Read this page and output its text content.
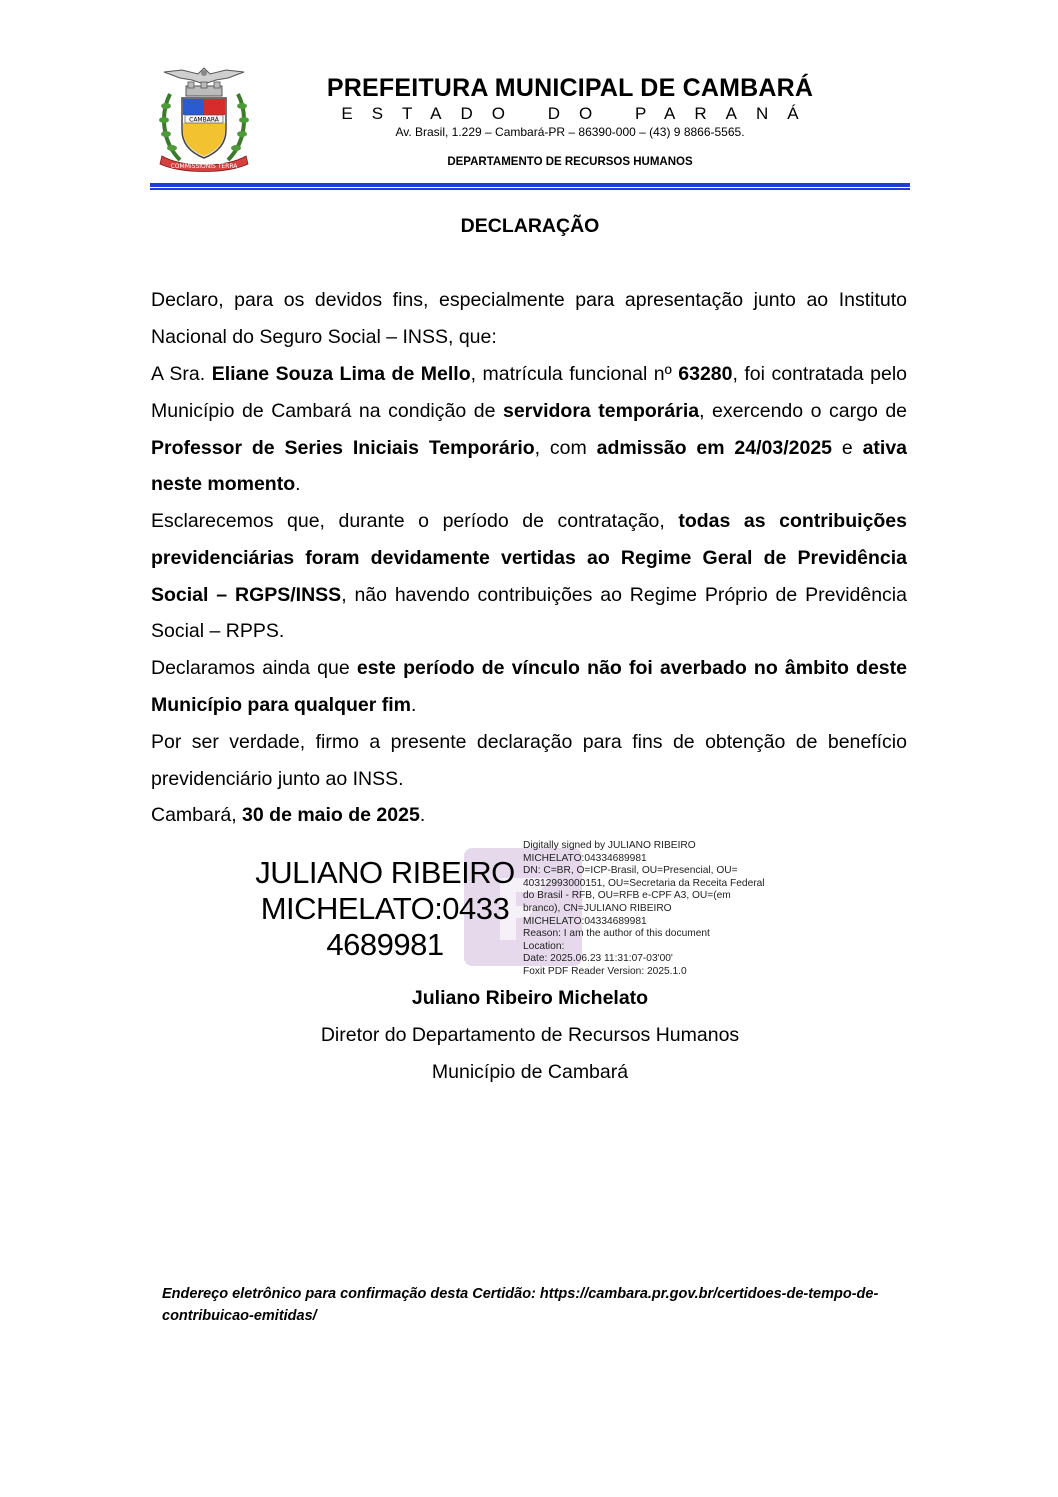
CAMBARÁ
COMMISSIONIS TERRA
PREFEITURA MUNICIPAL DE CAMBARÁ
ESTADO DO PARANÁ
Av. Brasil, 1.229 – Cambará-PR – 86390-000 – (43) 9 8866-5565.
DEPARTAMENTO DE RECURSOS HUMANOS
DECLARAÇÃO
Declaro, para os devidos fins, especialmente para apresentação junto ao Instituto Nacional do Seguro Social – INSS, que:
A Sra. Eliane Souza Lima de Mello, matrícula funcional nº 63280, foi contratada pelo Município de Cambará na condição de servidora temporária, exercendo o cargo de Professor de Series Iniciais Temporário, com admissão em 24/03/2025 e ativa neste momento.
Esclarecemos que, durante o período de contratação, todas as contribuições previdenciárias foram devidamente vertidas ao Regime Geral de Previdência Social – RGPS/INSS, não havendo contribuições ao Regime Próprio de Previdência Social – RPPS.
Declaramos ainda que este período de vínculo não foi averbado no âmbito deste Município para qualquer fim.
Por ser verdade, firmo a presente declaração para fins de obtenção de benefício previdenciário junto ao INSS.
Cambará, 30 de maio de 2025.
JULIANO RIBEIRO
MICHELATO:0433
4689981
Digitally signed by JULIANO RIBEIRO
MICHELATO:04334689981
DN: C=BR, O=ICP-Brasil, OU=Presencial, OU=
40312993000151, OU=Secretaria da Receita Federal
do Brasil - RFB, OU=RFB e-CPF A3, OU=(em
branco), CN=JULIANO RIBEIRO
MICHELATO:04334689981
Reason: I am the author of this document
Location:
Date: 2025.06.23 11:31:07-03'00'
Foxit PDF Reader Version: 2025.1.0
Juliano Ribeiro Michelato
Diretor do Departamento de Recursos Humanos
Município de Cambará
Endereço eletrônico para confirmação desta Certidão: https://cambara.pr.gov.br/certidoes-de-tempo-de-contribuicao-emitidas/
